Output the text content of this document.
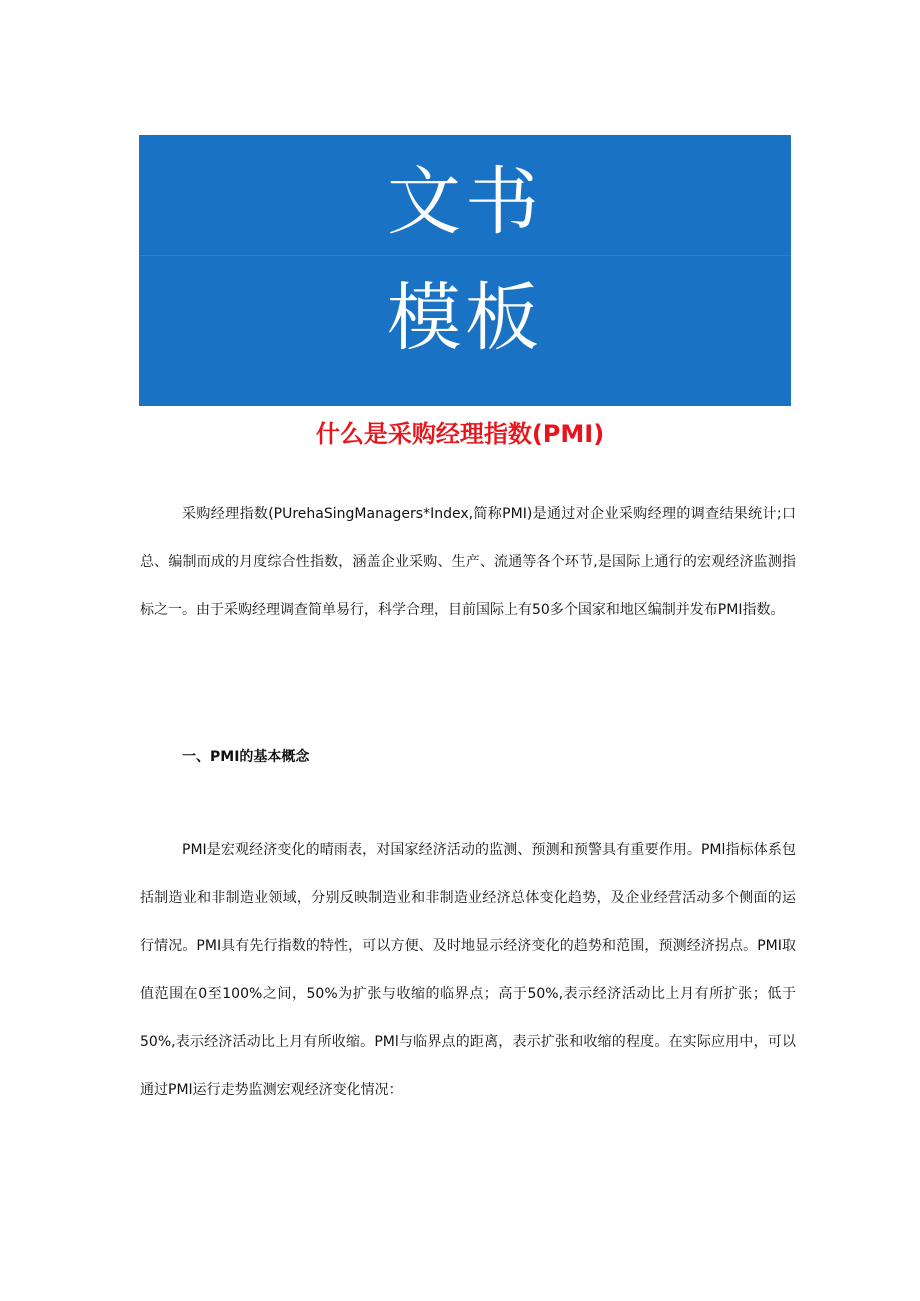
文书
模板
什么是采购经理指数(PMI)

采购经理指数(PUrehaSingManagers*Index,简称PMI)是通过对企业采购经理的调查结果统计;口总、编制而成的月度综合性指数，涵盖企业采购、生产、流通等各个环节,是国际上通行的宏观经济监测指标之一。由于采购经理调查简单易行，科学合理，目前国际上有50多个国家和地区编制并发布PMI指数。

一、PMI的基本概念

PMI是宏观经济变化的晴雨表，对国家经济活动的监测、预测和预警具有重要作用。PMl指标体系包括制造业和非制造业领域，分别反映制造业和非制造业经济总体变化趋势，及企业经营活动多个侧面的运行情况。PMI具有先行指数的特性，可以方便、及时地显示经济变化的趋势和范围，预测经济拐点。PMI取值范围在0至100%之间，50%为扩张与收缩的临界点；高于50%,表示经济活动比上月有所扩张；低于50%,表示经济活动比上月有所收缩。PMl与临界点的距离，表示扩张和收缩的程度。在实际应用中，可以通过PMI运行走势监测宏观经济变化情况：
